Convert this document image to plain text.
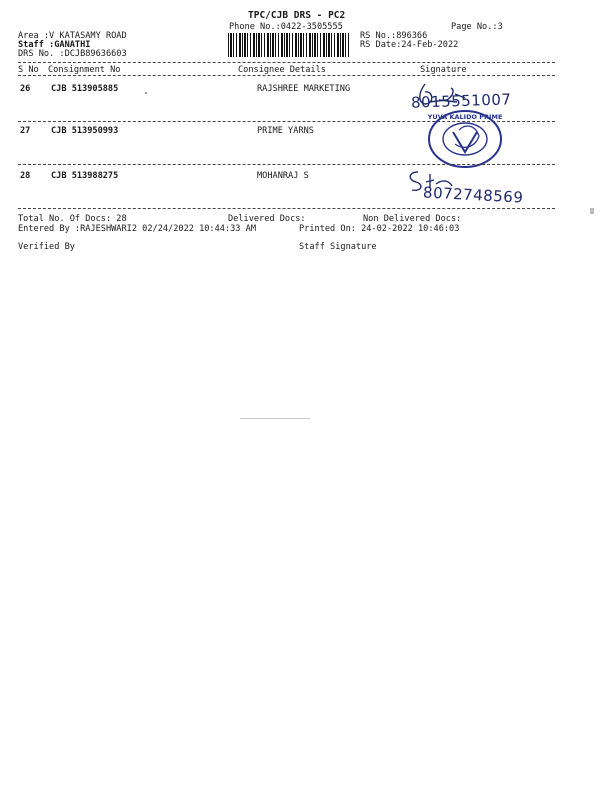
TPC/CJB DRS - PC2
Phone No.:0422-3505555	Page No.:3
Area :V KATASAMY ROAD
Staff :GANATHI
DRS No. :DCJB89636603
RS No.:896366
RS Date:24-Feb-2022
S No Consignment No	Consignee Details	Signature
26 CJB 513905885	RAJSHREE MARKETING
8015551007
27 CJB 513950993	PRIME YARNS
YUVA KALIDO PRIME
28 CJB 513988275	MOHANRAJ S
8072748569
Total No. Of Docs: 28	Delivered Docs:	Non Delivered Docs:
Entered By :RAJESHWARI2 02/24/2022 10:44:33 AM	Printed On: 24-02-2022 10:46:03
Verified By	Staff Signature
